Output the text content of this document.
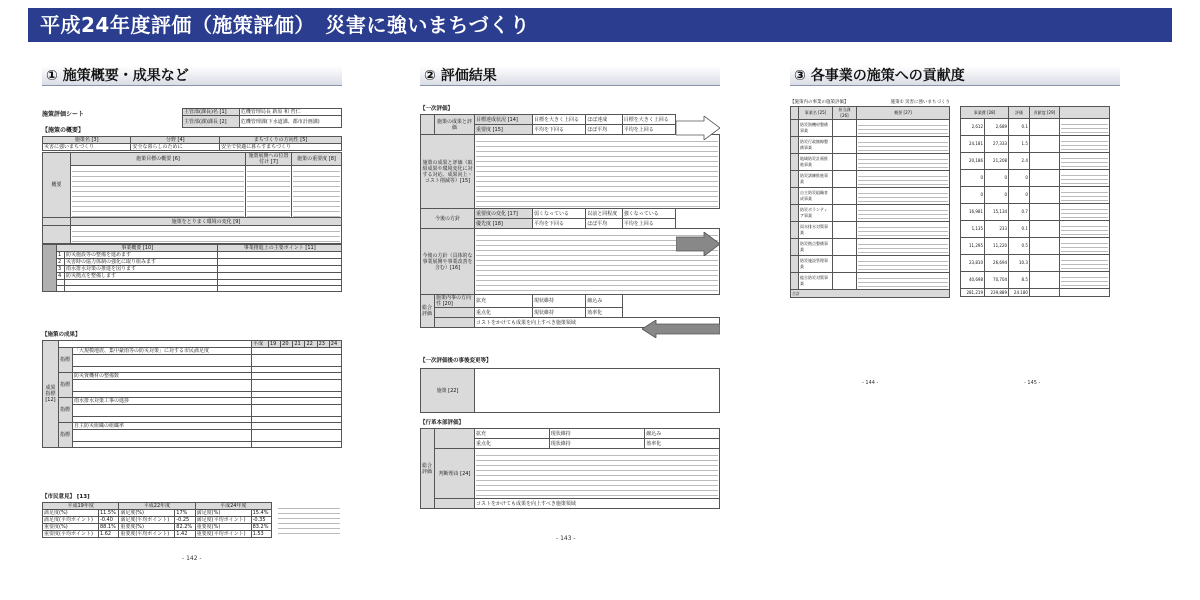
平成24年度評価（施策評価）　災害に強いまちづくり
① 施策概要・成果など	② 評価結果	③ 各事業の施策への貢献度
施策評価シート
【施策の概要】
主管部(課長)名 [1]	危機管理局長 新原 和 哲仁
主管部(課)課長 [2]	危機管理課(下水道課、都市計画課)
施策名 [3]	分野 [4]	まちづくりの方向性 [5]
災害に強いまちづくり	安全な暮らしのために	安全で快適に暮らすまちづくり
概要	施策目標の概要 [6]	施策展開への位置付け [7]	施策の重要度 [8]

	施策をとりまく環境の変化 [9]		

	事業概要 [10]		事業推進上の主要ポイント [11]
	1	防災施設等の整備を進めます	
	2	災害時の協力体制の強化に取り組みます	
	3	雨水排水対策の推進を図ります	
	4	防災拠点を整備します	

【施策の成果】
成果指標 [12]			平成	19	20	21	22	23	24
	指標	「大規模地震、集中豪雨等の防災対策」に対する市民満足度							

	指標	防災資機材の整備数							

	指標	雨水排水対策工事の進捗							

	指標	自主防災組織の組織率							

【市民意見】 [13]
平成19年度		平成22年度		平成24年度	
満足度(%)	11.5%	満足度(%)	17%	満足度(%)	15.4%
満足度(平均ポイント)	-0.40	満足度(平均ポイント)	-0.25	満足度(平均ポイント)	-0.35
重要度(%)	88.1%	重要度(%)	82.2%	重要度(%)	83.2%
重要度(平均ポイント)	1.62	重要度(平均ポイント)	1.42	重要度(平均ポイント)	1.53
- 142 -
【一次評価】
	施策の成果と評価	目標達成状況 [14]	目標を大きく上回る	ほぼ達成	目標を大きく上回る	
		重要度 [15]	平均を下回る	ほぼ平均	平均を上回る	
施策の成果と評価（取組成果や環境変化に対する対応、成果向上・コスト削減等）[15]						

今後の方針		重要度の変化 [17]	弱くなっている	以前と同程度	強くなっている	
		優先度 [18]	平均を下回る	ほぼ平均	平均を上回る	
今後の方針（具体的な事業展開や事業改善を含む）[16]						

総合評価	施策内事の方向性 [20]	拡充	現状維持	縮込み		
		重点化	現状維持	効率化		
		コストをかけても成果を向上すべき施策領域				
【一次評価後の事後変更等】
施策 [22]	
【行革本部評価】
総合評価		拡充	現状維持	縮込み
		重点化	現状維持	効率化
	判断理由 [24]			

		コストをかけても成果を向上すべき施策領域		
- 143 -
【施策内の事業の施策評価】	施策① 災害に強いまちづくり
	事業名 [25]	担当課 [26]	概要 [27]
	防災資機材整備事業		

	防災行政無線整備事業		

	地域防災計画推進事業		

	防災訓練推進事業		

	自主防災組織育成事業		

	防災ボランティア事業		

	雨水排水対策事業		

	防災拠点整備事業		

	防災施設管理事業		

	総合防災対策事業		

合計			
- 144 -
事業費 [28]		評価	貢献度 [29]	
2,612	2,689	0.1		

24,181	27,333	1.5		

20,186	21,208	2.4		

0	0	0		

0	0	0		

16,981	15,134	0.7		

1,135	233	0.1		

11,295	11,220	0.5		

23,810	26,694	10.3		

40,698	70,704	8.5		

281,219	239,889	24.180		
- 145 -
